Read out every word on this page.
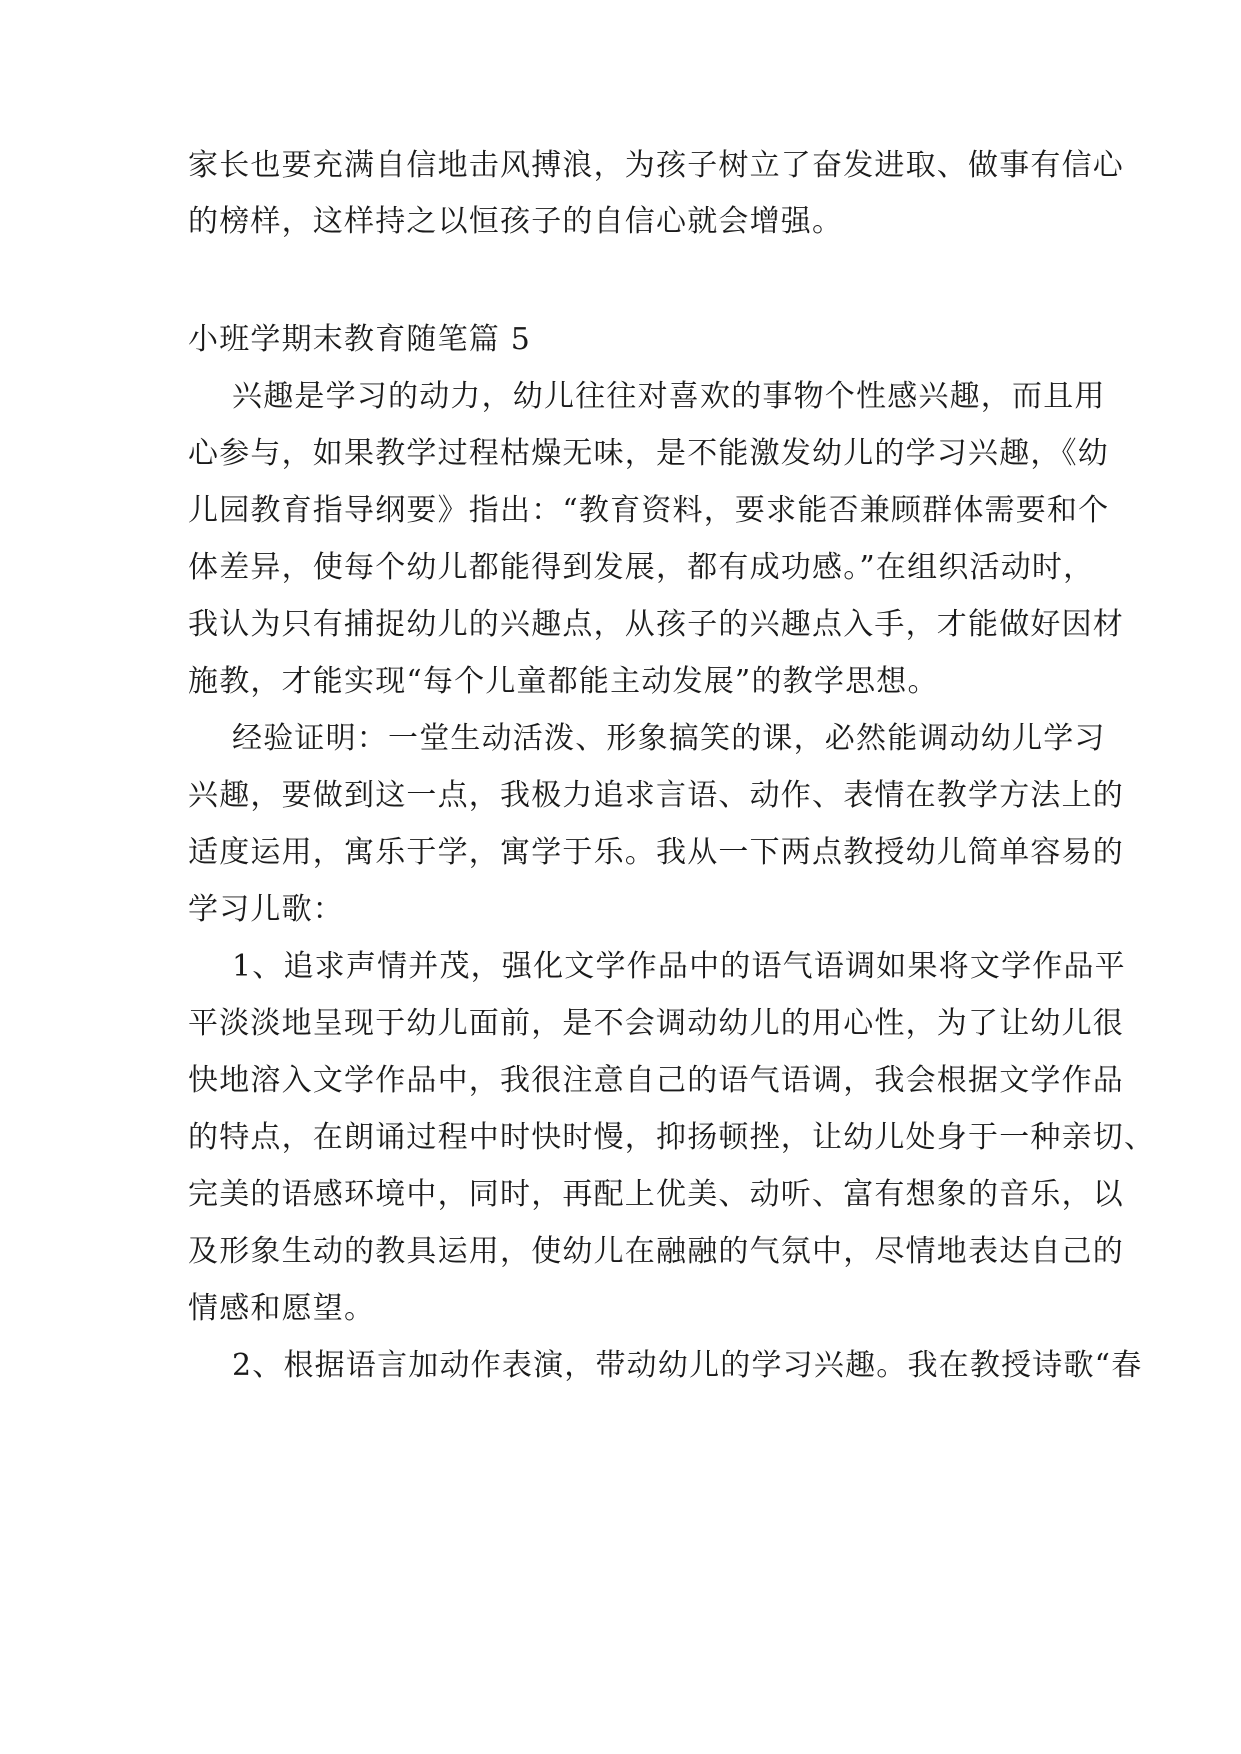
家长也要充满自信地击风搏浪，为孩子树立了奋发进取、做事有信心
的榜样，这样持之以恒孩子的自信心就会增强。
小班学期末教育随笔篇 5
兴趣是学习的动力，幼儿往往对喜欢的事物个性感兴趣，而且用
心参与，如果教学过程枯燥无味，是不能激发幼儿的学习兴趣，《幼
儿园教育指导纲要》指出：“教育资料，要求能否兼顾群体需要和个
体差异，使每个幼儿都能得到发展，都有成功感。”在组织活动时，
我认为只有捕捉幼儿的兴趣点，从孩子的兴趣点入手，才能做好因材
施教，才能实现“每个儿童都能主动发展”的教学思想。
经验证明：一堂生动活泼、形象搞笑的课，必然能调动幼儿学习
兴趣，要做到这一点，我极力追求言语、动作、表情在教学方法上的
适度运用，寓乐于学，寓学于乐。我从一下两点教授幼儿简单容易的
学习儿歌：
1、追求声情并茂，强化文学作品中的语气语调如果将文学作品平
平淡淡地呈现于幼儿面前，是不会调动幼儿的用心性，为了让幼儿很
快地溶入文学作品中，我很注意自己的语气语调，我会根据文学作品
的特点，在朗诵过程中时快时慢，抑扬顿挫，让幼儿处身于一种亲切、
完美的语感环境中，同时，再配上优美、动听、富有想象的音乐，以
及形象生动的教具运用，使幼儿在融融的气氛中，尽情地表达自己的
情感和愿望。
2、根据语言加动作表演，带动幼儿的学习兴趣。我在教授诗歌“春
